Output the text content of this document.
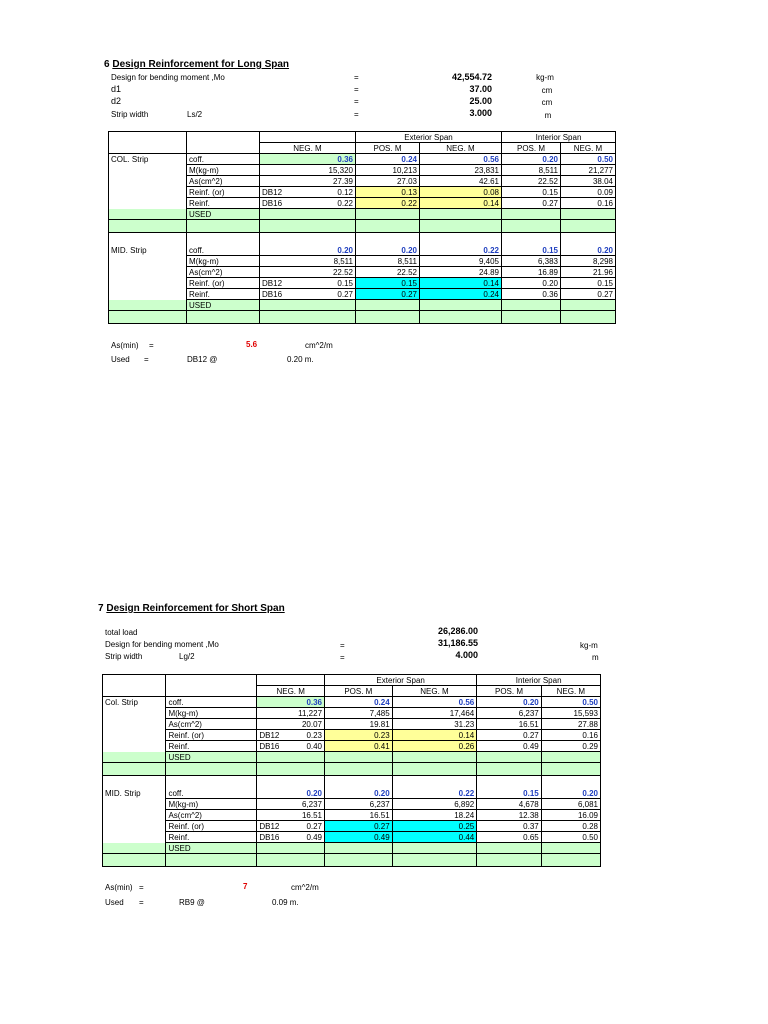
6 Design Reinforcement for Long Span
Design for bending moment ,Mo	=	42,554.72	kg-m
d1	=	37.00	cm
d2	=	25.00	cm
Strip width	Ls/2	=	3.000	m
			Exterior Span		Interior Span	
		NEG. M	POS. M	NEG. M	POS. M	NEG. M
COL. Strip	coff.	0.36	0.24	0.56	0.20	0.50
	M(kg-m)	15,320	10,213	23,831	8,511	21,277
	As(cm^2)	27.39	27.03	42.61	22.52	38.04
	Reinf. (or)	DB12 0.12	0.13	0.08	0.15	0.09
	Reinf.	DB16 0.22	0.22	0.14	0.27	0.16
	USED					

MID. Strip	coff.	0.20	0.20	0.22	0.15	0.20
	M(kg-m)	8,511	8,511	9,405	6,383	8,298
	As(cm^2)	22.52	22.52	24.89	16.89	21.96
	Reinf. (or)	DB12 0.15	0.15	0.14	0.20	0.15
	Reinf.	DB16 0.27	0.27	0.24	0.36	0.27
	USED					

As(min) =	5.6	cm^2/m
Used =	DB12 @	0.20 m.
7 Design Reinforcement for Short Span
total load	26,286.00
Design for bending moment ,Mo	=	31,186.55	kg-m
Strip width	Lg/2	=	4.000	m
			Exterior Span		Interior Span	
		NEG. M	POS. M	NEG. M	POS. M	NEG. M
Col. Strip	coff.	0.36	0.24	0.56	0.20	0.50
	M(kg-m)	11,227	7,485	17,464	6,237	15,593
	As(cm^2)	20.07	19.81	31.23	16.51	27.88
	Reinf. (or)	DB12 0.23	0.23	0.14	0.27	0.16
	Reinf.	DB16 0.40	0.41	0.26	0.49	0.29
	USED					

MID. Strip	coff.	0.20	0.20	0.22	0.15	0.20
	M(kg-m)	6,237	6,237	6,892	4,678	6,081
	As(cm^2)	16.51	16.51	18.24	12.38	16.09
	Reinf. (or)	DB12 0.27	0.27	0.25	0.37	0.28
	Reinf.	DB16 0.49	0.49	0.44	0.65	0.50
	USED					

As(min) =	7	cm^2/m
Used =	RB9 @	0.09 m.
